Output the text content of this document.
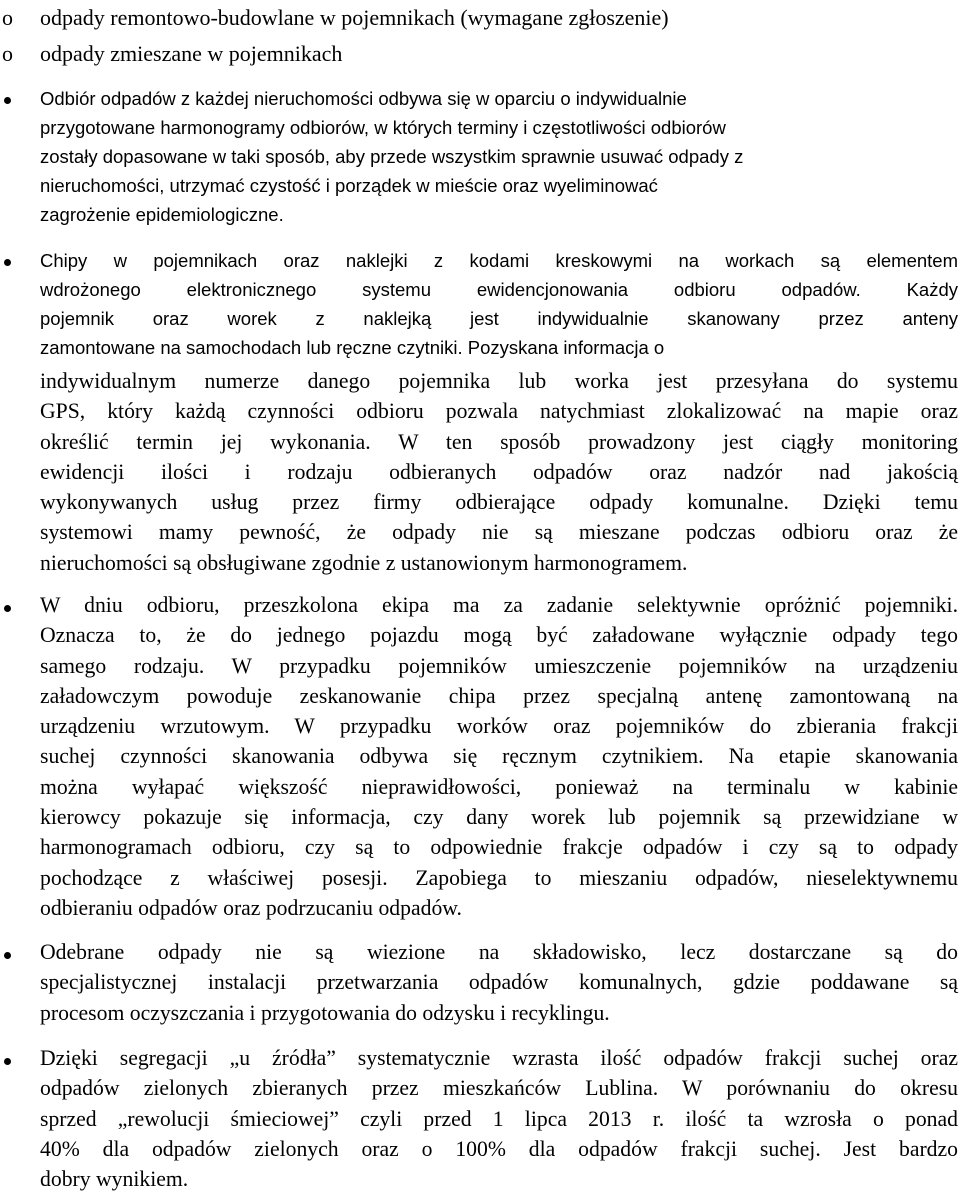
o	odpady remontowo-budowlane w pojemnikach (wymagane zgłoszenie)
o	odpady zmieszane w pojemnikach

Odbiór odpadów z każdej nieruchomości odbywa się w oparciu o indywidualnie
przygotowane harmonogramy odbiorów, w których terminy i częstotliwości odbiorów
zostały dopasowane w taki sposób, aby przede wszystkim sprawnie usuwać odpady z
nieruchomości, utrzymać czystość i porządek w mieście oraz wyeliminować
zagrożenie epidemiologiczne.

Chipy w pojemnikach oraz naklejki z kodami kreskowymi na workach są elementem
wdrożonego elektronicznego systemu ewidencjonowania odbioru odpadów. Każdy
pojemnik oraz worek z naklejką jest indywidualnie skanowany przez anteny
zamontowane na samochodach lub ręczne czytniki. Pozyskana informacja o

indywidualnym numerze danego pojemnika lub worka jest przesyłana do systemu
GPS, który każdą czynności odbioru pozwala natychmiast zlokalizować na mapie oraz
określić termin jej wykonania. W ten sposób prowadzony jest ciągły monitoring
ewidencji ilości i rodzaju odbieranych odpadów oraz nadzór nad jakością
wykonywanych usług przez firmy odbierające odpady komunalne. Dzięki temu
systemowi mamy pewność, że odpady nie są mieszane podczas odbioru oraz że
nieruchomości są obsługiwane zgodnie z ustanowionym harmonogramem.

W dniu odbioru, przeszkolona ekipa ma za zadanie selektywnie opróżnić pojemniki.
Oznacza to, że do jednego pojazdu mogą być załadowane wyłącznie odpady tego
samego rodzaju. W przypadku pojemników umieszczenie pojemników na urządzeniu
załadowczym powoduje zeskanowanie chipa przez specjalną antenę zamontowaną na
urządzeniu wrzutowym. W przypadku worków oraz pojemników do zbierania frakcji
suchej czynności skanowania odbywa się ręcznym czytnikiem. Na etapie skanowania
można wyłapać większość nieprawidłowości, ponieważ na terminalu w kabinie
kierowcy pokazuje się informacja, czy dany worek lub pojemnik są przewidziane w
harmonogramach odbioru, czy są to odpowiednie frakcje odpadów i czy są to odpady
pochodzące z właściwej posesji. Zapobiega to mieszaniu odpadów, nieselektywnemu
odbieraniu odpadów oraz podrzucaniu odpadów.

Odebrane odpady nie są wiezione na składowisko, lecz dostarczane są do
specjalistycznej instalacji przetwarzania odpadów komunalnych, gdzie poddawane są
procesom oczyszczania i przygotowania do odzysku i recyklingu.

Dzięki segregacji „u źródła” systematycznie wzrasta ilość odpadów frakcji suchej oraz
odpadów zielonych zbieranych przez mieszkańców Lublina. W porównaniu do okresu
sprzed „rewolucji śmieciowej” czyli przed 1 lipca 2013 r. ilość ta wzrosła o ponad
40% dla odpadów zielonych oraz o 100% dla odpadów frakcji suchej. Jest bardzo
dobry wynikiem.
